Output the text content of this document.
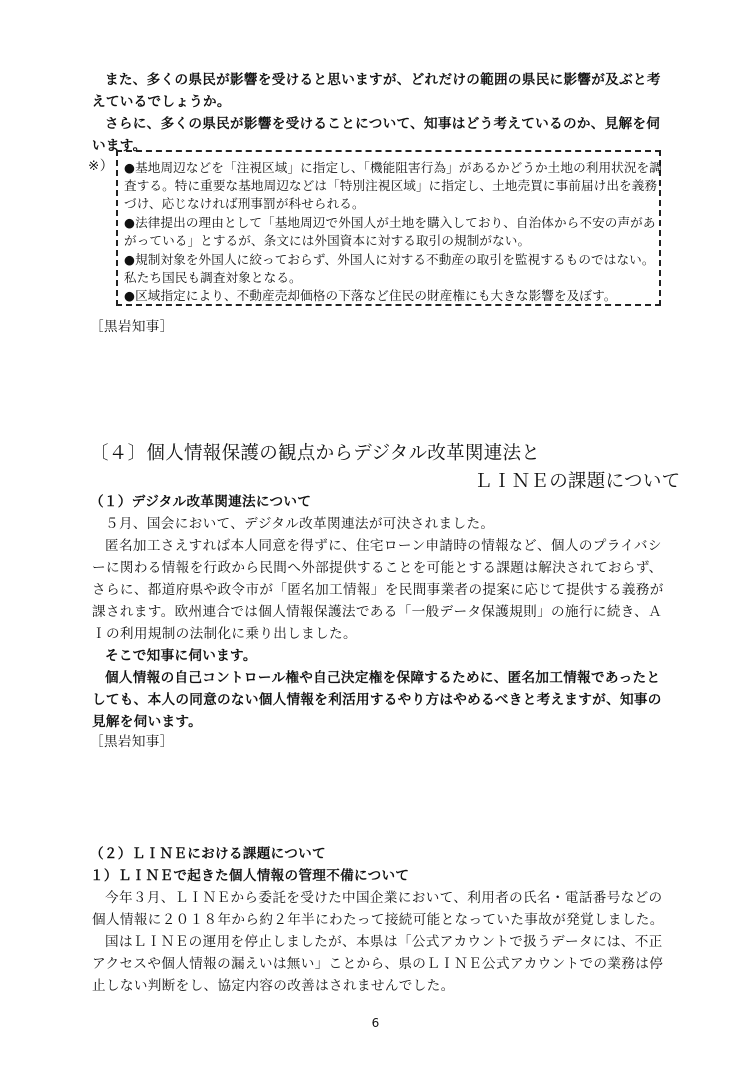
また、多くの県民が影響を受けると思いますが、どれだけの範囲の県民に影響が及ぶと考
えているでしょうか。
さらに、多くの県民が影響を受けることについて、知事はどう考えているのか、見解を伺
います。
※） ●基地周辺などを「注視区域」に指定し、「機能阻害行為」があるかどうか土地の利用状況を調
査する。特に重要な基地周辺などは「特別注視区域」に指定し、土地売買に事前届け出を義務
づけ、応じなければ刑事罰が科せられる。
●法律提出の理由として「基地周辺で外国人が土地を購入しており、自治体から不安の声があ
がっている」とするが、条文には外国資本に対する取引の規制がない。
●規制対象を外国人に絞っておらず、外国人に対する不動産の取引を監視するものではない。
私たち国民も調査対象となる。
●区域指定により、不動産売却価格の下落など住民の財産権にも大きな影響を及ぼす。
［黒岩知事］
〔４〕個人情報保護の観点からデジタル改革関連法と
ＬＩＮＥの課題について
（１）デジタル改革関連法について
５月、国会において、デジタル改革関連法が可決されました。
匿名加工さえすれば本人同意を得ずに、住宅ローン申請時の情報など、個人のプライバシ
ーに関わる情報を行政から民間へ外部提供することを可能とする課題は解決されておらず、
さらに、都道府県や政令市が「匿名加工情報」を民間事業者の提案に応じて提供する義務が
課されます。欧州連合では個人情報保護法である「一般データ保護規則」の施行に続き、Ａ
Ｉの利用規制の法制化に乗り出しました。
そこで知事に伺います。
個人情報の自己コントロール権や自己決定権を保障するために、匿名加工情報であったと
しても、本人の同意のない個人情報を利活用するやり方はやめるべきと考えますが、知事の
見解を伺います。
［黒岩知事］
（２）ＬＩＮＥにおける課題について
１）ＬＩＮＥで起きた個人情報の管理不備について
今年３月、ＬＩＮＥから委託を受けた中国企業において、利用者の氏名・電話番号などの
個人情報に２０１８年から約２年半にわたって接続可能となっていた事故が発覚しました。
国はＬＩＮＥの運用を停止しましたが、本県は「公式アカウントで扱うデータには、不正
アクセスや個人情報の漏えいは無い」ことから、県のＬＩＮＥ公式アカウントでの業務は停
止しない判断をし、協定内容の改善はされませんでした。
6
